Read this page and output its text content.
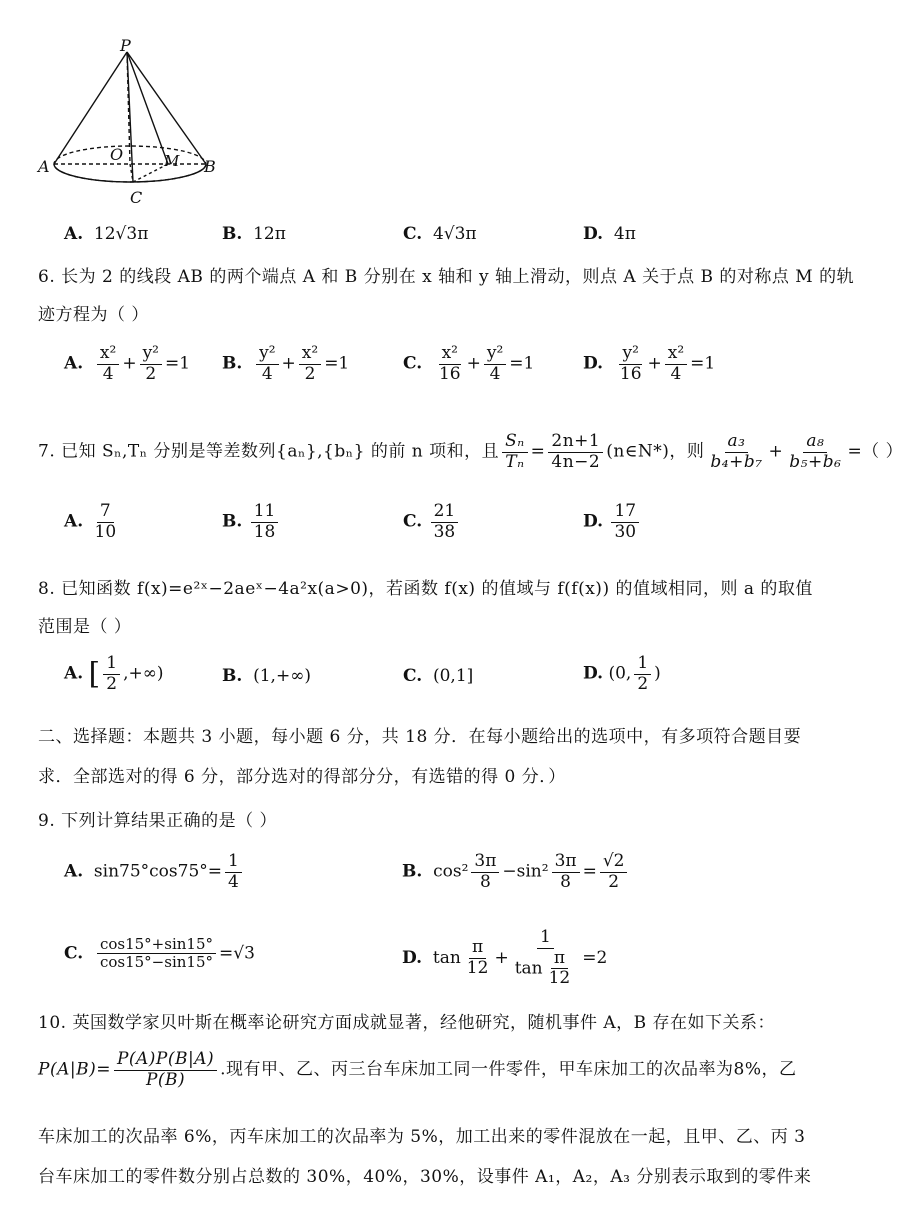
P
A	B
O	M
C
A. 12√3π	B. 12π	C. 4√3π	D. 4π
6. 长为 2 的线段 AB 的两个端点 A 和 B 分别在 x 轴和 y 轴上滑动，则点 A 关于点 B 的对称点 M 的轨
迹方程为（ ）
A. $\frac{\text{x²}}{4} + \frac{\text{y²}}{2} =1$ B. $\frac{\text{y²}}{4} + \frac{\text{x²}}{2} =1$	C. $\frac{\text{x²}}{16} + \frac{\text{y²}}{4} =1$	D. $\frac{\text{y²}}{16} + \frac{\text{x²}}{4} =1$
7. 已知 Sₙ,Tₙ 分别是等差数列{aₙ},{bₙ} 的前 n 项和，且 $\frac{\text{Sₙ}}{\text{Tₙ}} = \frac{2n+1}{4n-2}$ (n∈N*)，则 $\frac{\text{a₃}}{\text{b₄+b₇}} + \frac{\text{a₈}}{\text{b₅+b₆}}$ =（ ）
A. $\frac{7}{10}$	B. $\frac{11}{18}$	C. $\frac{21}{38}$	D. $\frac{17}{30}$
8. 已知函数 f(x)=e²ˣ−2aeˣ−4a²x(a>0)，若函数 f(x) 的值域与 f(f(x)) 的值域相同，则 a 的取值
范围是（ ）
A. [ $\frac{1}{2}$ ,+∞)	B. (1,+∞)	C. (0,1]	D. (0, $\frac{1}{2}$ )
二、选择题：本题共 3 小题，每小题 6 分，共 18 分．在每小题给出的选项中，有多项符合题目要
求．全部选对的得 6 分，部分选对的得部分分，有选错的得 0 分．）
9. 下列计算结果正确的是（ ）
A. $\sin 75^\circ\cos 75^\circ= \frac{1}{4}$	B. $\cos^2 \frac{3\pi}{8} -\sin^2 \frac{3\pi}{8} = \frac{√2}{2}$
C. $\frac{\cos 15^\circ+\sin 15^\circ}{\cos 15^\circ-\sin 15^\circ} =√3$	D. $\tan \frac{\pi}{12} + \frac{1}{\tan \frac{\pi}{12}} =2$
10. 英国数学家贝叶斯在概率论研究方面成就显著，经他研究，随机事件 A，B 存在如下关系：
$P(A|B)= \frac{P(A)P(B|A)}{P(B)}$ .现有甲、乙、丙三台车床加工同一件零件，甲车床加工的次品率为8%，乙
车床加工的次品率 6%，丙车床加工的次品率为 5%，加工出来的零件混放在一起，且甲、乙、丙 3
台车床加工的零件数分别占总数的 30%，40%，30%，设事件 A₁，A₂，A₃ 分别表示取到的零件来
